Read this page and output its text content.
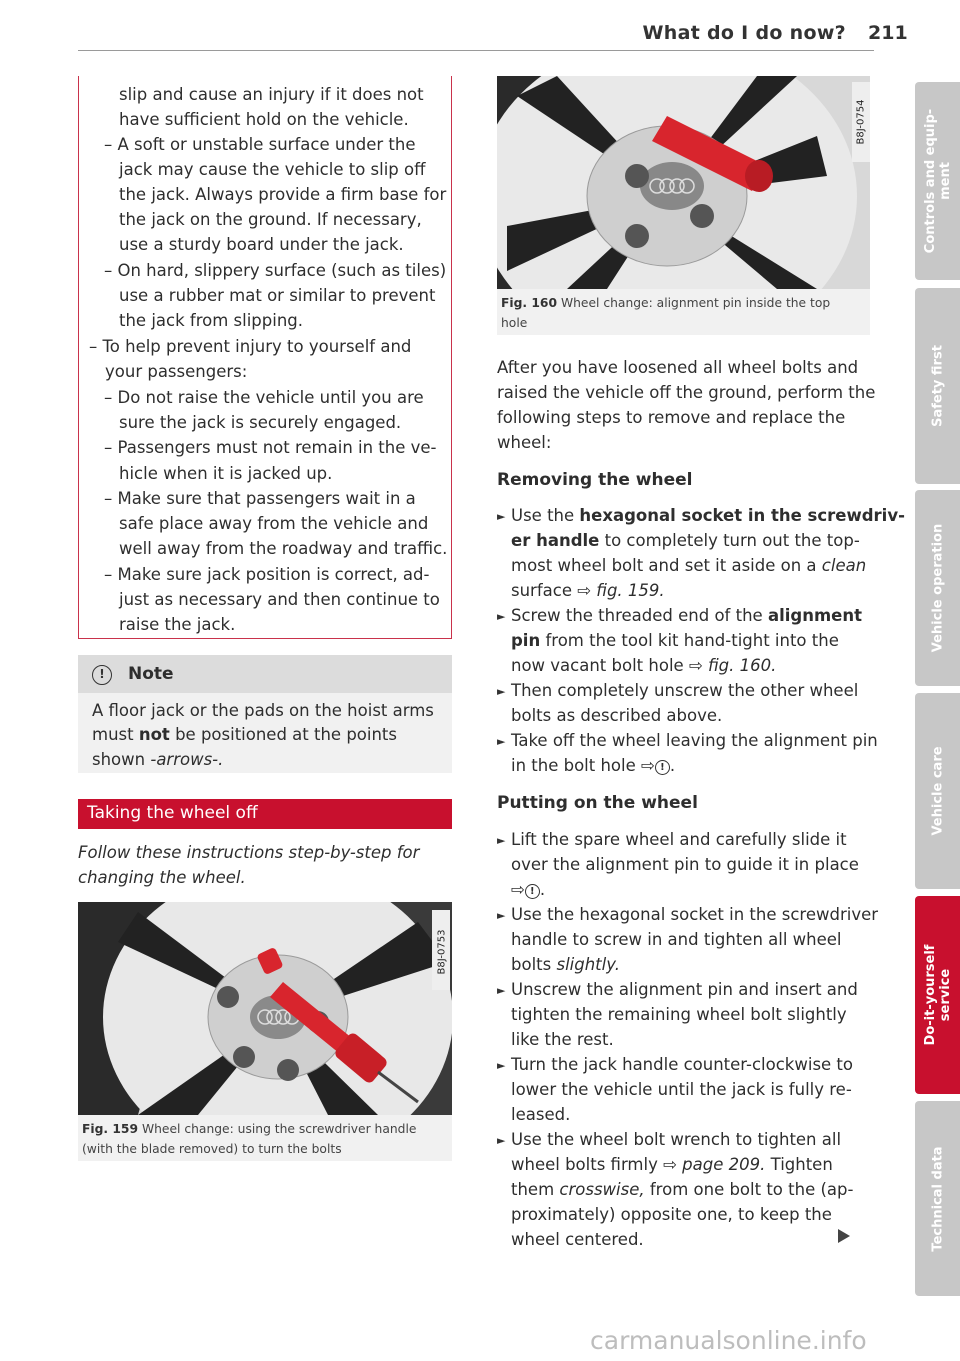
What do I do now? 211
slip and cause an injury if it does not
have sufficient hold on the vehicle.
– A soft or unstable surface under the
jack may cause the vehicle to slip off
the jack. Always provide a firm base for
the jack on the ground. If necessary,
use a sturdy board under the jack.
– On hard, slippery surface (such as tiles)
use a rubber mat or similar to prevent
the jack from slipping.
– To help prevent injury to yourself and
your passengers:
– Do not raise the vehicle until you are
sure the jack is securely engaged.
– Passengers must not remain in the ve-
hicle when it is jacked up.
– Make sure that passengers wait in a
safe place away from the vehicle and
well away from the roadway and traffic.
– Make sure jack position is correct, ad-
just as necessary and then continue to
raise the jack.
!	Note
A floor jack or the pads on the hoist arms
must not be positioned at the points
shown -arrows-.
Taking the wheel off
Follow these instructions step-by-step for
changing the wheel.
B8J-0753
Fig. 159 Wheel change: using the screwdriver handle
(with the blade removed) to turn the bolts
B8J-0754
Fig. 160 Wheel change: alignment pin inside the top
hole
After you have loosened all wheel bolts and
raised the vehicle off the ground, perform the
following steps to remove and replace the
wheel:
Removing the wheel
► Use the hexagonal socket in the screwdriv-
er handle to completely turn out the top-
most wheel bolt and set it aside on a clean
surface ⇨ fig. 159.
► Screw the threaded end of the alignment
pin from the tool kit hand-tight into the
now vacant bolt hole ⇨ fig. 160.
► Then completely unscrew the other wheel
bolts as described above.
► Take off the wheel leaving the alignment pin
in the bolt hole ⇨ ! .
Putting on the wheel
► Lift the spare wheel and carefully slide it
over the alignment pin to guide it in place
⇨ ! .
► Use the hexagonal socket in the screwdriver
handle to screw in and tighten all wheel
bolts slightly.
► Unscrew the alignment pin and insert and
tighten the remaining wheel bolt slightly
like the rest.
► Turn the jack handle counter-clockwise to
lower the vehicle until the jack is fully re-
leased.
► Use the wheel bolt wrench to tighten all
wheel bolts firmly ⇨ page 209. Tighten
them crosswise, from one bolt to the (ap-
proximately) opposite one, to keep the
wheel centered.
Controls and equip- ment
Safety first
Vehicle operation
Vehicle care
Do-it-yourself service
Technical data
carmanualsonline.info
